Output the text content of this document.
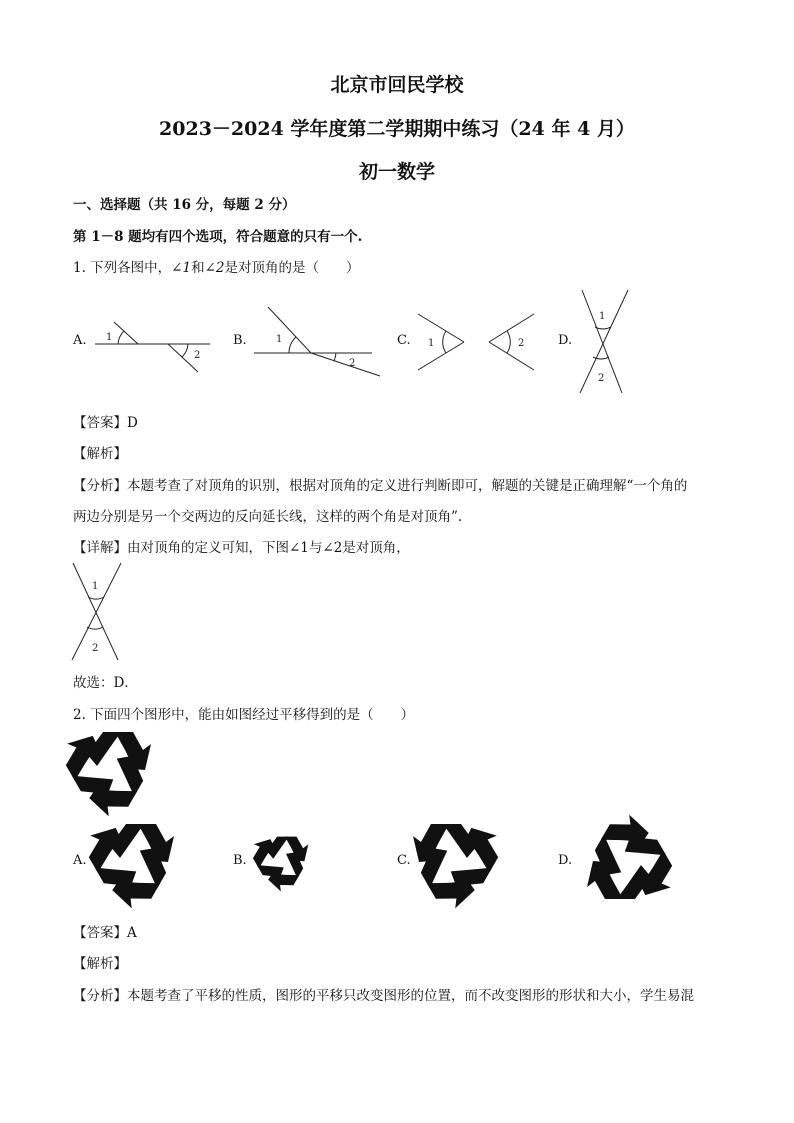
北京市回民学校
2023－2024 学年度第二学期期中练习（24 年 4 月）
初一数学
一、选择题（共 16 分，每题 2 分）
第 1－8 题均有四个选项，符合题意的只有一个.
1. 下列各图中，∠1和∠2是对顶角的是（　　）
A.	B.	C.	D.
1
2
1
2
1	2
1
2
1
2
【答案】D
【解析】
【分析】本题考查了对顶角的识别，根据对顶角的定义进行判断即可，解题的关键是正确理解“一个角的
两边分别是另一个交两边的反向延长线，这样的两个角是对顶角”.
【详解】由对顶角的定义可知，下图∠1与∠2是对顶角，
故选：D．
2. 下面四个图形中，能由如图经过平移得到的是（　　）
A.	B.	C.	D.
【答案】A
【解析】
【分析】本题考查了平移的性质，图形的平移只改变图形的位置，而不改变图形的形状和大小，学生易混
